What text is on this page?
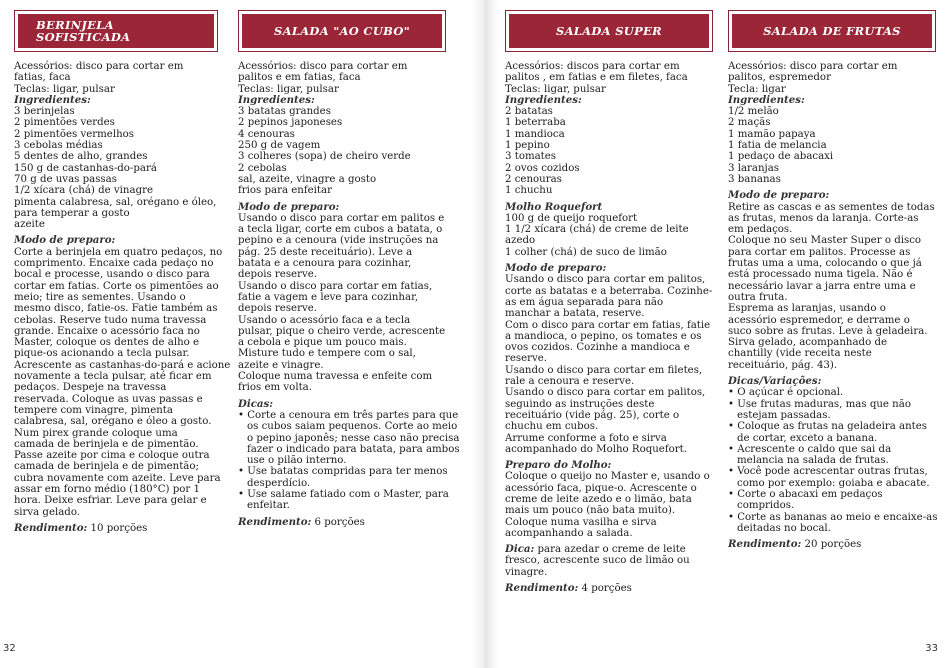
BERINJELA
SOFISTICADA
Acessórios: disco para cortar em
fatias, faca
Teclas: ligar, pulsar
Ingredientes:
3 berinjelas
2 pimentões verdes
2 pimentões vermelhos
3 cebolas médias
5 dentes de alho, grandes
150 g de castanhas-do-pará
70 g de uvas passas
1/2 xícara (chá) de vinagre
pimenta calabresa, sal, orégano e óleo,
para temperar a gosto
azeite
Modo de preparo:
Corte a berinjela em quatro pedaços, no
comprimento. Encaixe cada pedaço no
bocal e processe, usando o disco para
cortar em fatias. Corte os pimentões ao
meio; tire as sementes. Usando o
mesmo disco, fatie-os. Fatie também as
cebolas. Reserve tudo numa travessa
grande. Encaixe o acessório faca no
Master, coloque os dentes de alho e
pique-os acionando a tecla pulsar.
Acrescente as castanhas-do-pará e acione
novamente a tecla pulsar, até ficar em
pedaços. Despeje na travessa
reservada. Coloque as uvas passas e
tempere com vinagre, pimenta
calabresa, sal, orégano e óleo a gosto.
Num pirex grande coloque uma
camada de berinjela e de pimentão.
Passe azeite por cima e coloque outra
camada de berinjela e de pimentão;
cubra novamente com azeite. Leve para
assar em forno médio (180°C) por 1
hora. Deixe esfriar. Leve para gelar e
sirva gelado.
Rendimento: 10 porções
SALADA "AO CUBO"
Acessórios: disco para cortar em
palitos e em fatias, faca
Teclas: ligar, pulsar
Ingredientes:
3 batatas grandes
2 pepinos japoneses
4 cenouras
250 g de vagem
3 colheres (sopa) de cheiro verde
2 cebolas
sal, azeite, vinagre a gosto
frios para enfeitar
Modo de preparo:
Usando o disco para cortar em palitos e
a tecla ligar, corte em cubos a batata, o
pepino e a cenoura (vide instruções na
pág. 25 deste receituário). Leve a
batata e a cenoura para cozinhar,
depois reserve.
Usando o disco para cortar em fatias,
fatie a vagem e leve para cozinhar,
depois reserve.
Usando o acessório faca e a tecla
pulsar, pique o cheiro verde, acrescente
a cebola e pique um pouco mais.
Misture tudo e tempere com o sal,
azeite e vinagre.
Coloque numa travessa e enfeite com
frios em volta.
Dicas:
• Corte a cenoura em três partes para que os cubos saiam pequenos. Corte ao meio o pepino japonês; nesse caso não precisa fazer o indicado para batata, para ambos use o pilão interno.
• Use batatas compridas para ter menos desperdício.
• Use salame fatiado com o Master, para enfeitar.
Rendimento: 6 porções
SALADA SUPER
Acessórios: discos para cortar em
palitos , em fatias e em filetes, faca
Teclas: ligar, pulsar
Ingredientes:
2 batatas
1 beterraba
1 mandioca
1 pepino
3 tomates
2 ovos cozidos
2 cenouras
1 chuchu
Molho Roquefort
100 g de queijo roquefort
1 1/2 xícara (chá) de creme de leite
azedo
1 colher (chá) de suco de limão
Modo de preparo:
Usando o disco para cortar em palitos,
corte as batatas e a beterraba. Cozinhe-
as em água separada para não
manchar a batata, reserve.
Com o disco para cortar em fatias, fatie
a mandioca, o pepino, os tomates e os
ovos cozidos. Cozinhe a mandioca e
reserve.
Usando o disco para cortar em filetes,
rale a cenoura e reserve.
Usando o disco para cortar em palitos,
seguindo as instruções deste
receituário (vide pág. 25), corte o
chuchu em cubos.
Arrume conforme a foto e sirva
acompanhado do Molho Roquefort.
Preparo do Molho:
Coloque o queijo no Master e, usando o
acessório faca, pique-o. Acrescente o
creme de leite azedo e o limão, bata
mais um pouco (não bata muito).
Coloque numa vasilha e sirva
acompanhando a salada.
Dica: para azedar o creme de leite
fresco, acrescente suco de limão ou
vinagre.
Rendimento: 4 porções
SALADA DE FRUTAS
Acessórios: disco para cortar em
palitos, espremedor
Tecla: ligar
Ingredientes:
1/2 melão
2 maçãs
1 mamão papaya
1 fatia de melancia
1 pedaço de abacaxi
3 laranjas
3 bananas
Modo de preparo:
Retire as cascas e as sementes de todas
as frutas, menos da laranja. Corte-as
em pedaços.
Coloque no seu Master Super o disco
para cortar em palitos. Processe as
frutas uma a uma, colocando o que já
está processado numa tigela. Não é
necessário lavar a jarra entre uma e
outra fruta.
Esprema as laranjas, usando o
acessório espremedor, e derrame o
suco sobre as frutas. Leve à geladeira.
Sirva gelado, acompanhado de
chantilly (vide receita neste
receituário, pág. 43).
Dicas/Variações:
• O açúcar é opcional.
• Use frutas maduras, mas que não estejam passadas.
• Coloque as frutas na geladeira antes de cortar, exceto a banana.
• Acrescente o caldo que sai da melancia na salada de frutas.
• Você pode acrescentar outras frutas, como por exemplo: goiaba e abacate.
• Corte o abacaxi em pedaços compridos.
• Corte as bananas ao meio e encaixe-as deitadas no bocal.
Rendimento: 20 porções
32	33
